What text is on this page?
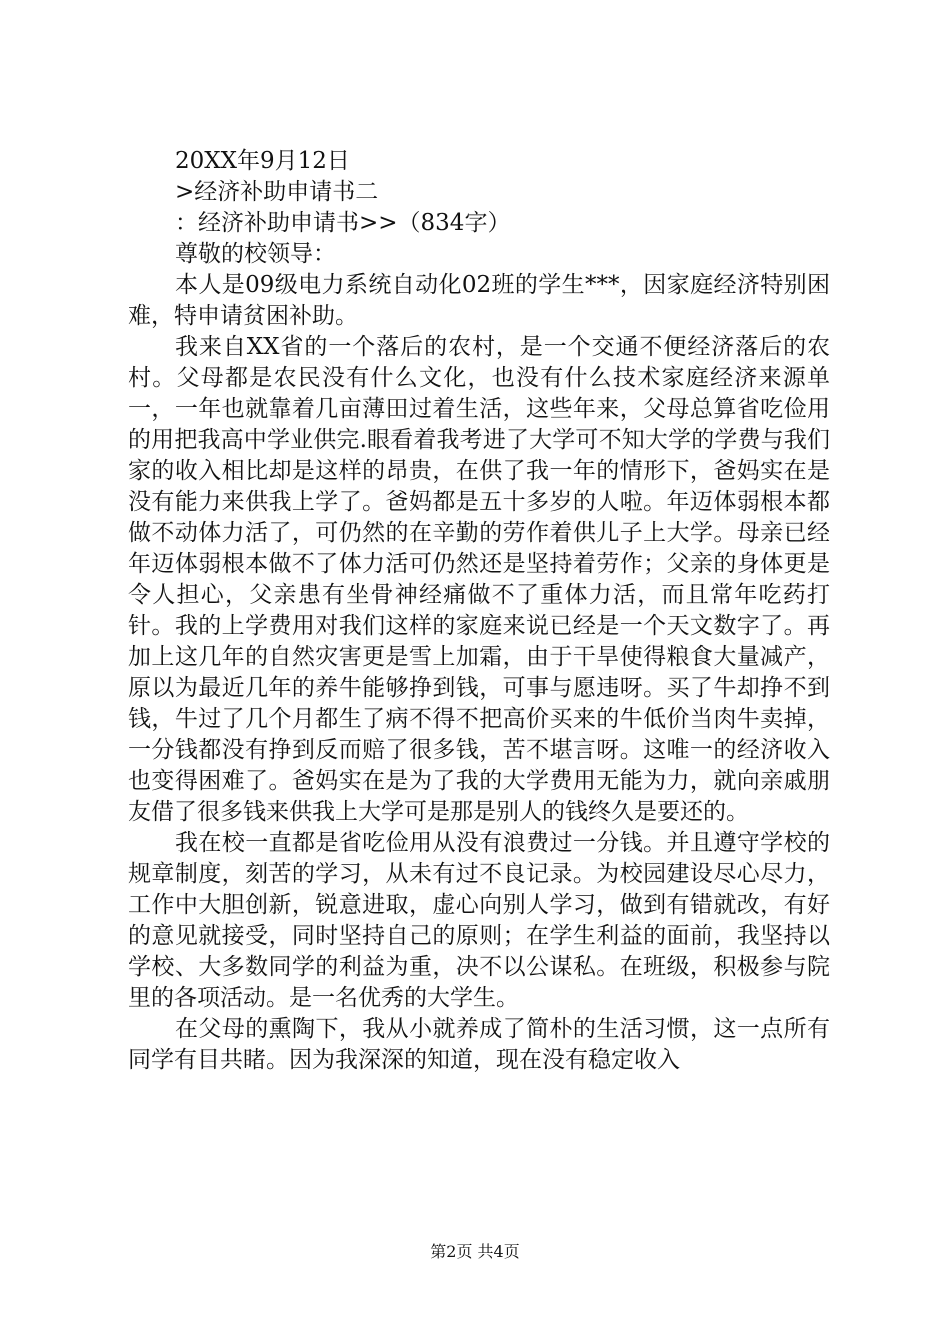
20XX年9月12日
>经济补助申请书二
：经济补助申请书>>（834字）
尊敬的校领导：

本人是09级电力系统自动化02班的学生***，因家庭经济特别困难，特申请贫困补助。

我来自XX省的一个落后的农村，是一个交通不便经济落后的农村。父母都是农民没有什么文化，也没有什么技术家庭经济来源单一，一年也就靠着几亩薄田过着生活，这些年来，父母总算省吃俭用的用把我高中学业供完.眼看着我考进了大学可不知大学的学费与我们家的收入相比却是这样的昂贵，在供了我一年的情形下，爸妈实在是没有能力来供我上学了。爸妈都是五十多岁的人啦。年迈体弱根本都做不动体力活了，可仍然的在辛勤的劳作着供儿子上大学。母亲已经年迈体弱根本做不了体力活可仍然还是坚持着劳作；父亲的身体更是令人担心，父亲患有坐骨神经痛做不了重体力活，而且常年吃药打针。我的上学费用对我们这样的家庭来说已经是一个天文数字了。再加上这几年的自然灾害更是雪上加霜，由于干旱使得粮食大量减产，原以为最近几年的养牛能够挣到钱，可事与愿违呀。买了牛却挣不到钱，牛过了几个月都生了病不得不把高价买来的牛低价当肉牛卖掉，一分钱都没有挣到反而赔了很多钱，苦不堪言呀。这唯一的经济收入也变得困难了。爸妈实在是为了我的大学费用无能为力，就向亲戚朋友借了很多钱来供我上大学可是那是别人的钱终久是要还的。

我在校一直都是省吃俭用从没有浪费过一分钱。并且遵守学校的规章制度，刻苦的学习，从未有过不良记录。为校园建设尽心尽力，工作中大胆创新，锐意进取，虚心向别人学习，做到有错就改，有好的意见就接受，同时坚持自己的原则；在学生利益的面前，我坚持以学校、大多数同学的利益为重，决不以公谋私。在班级，积极参与院里的各项活动。是一名优秀的大学生。

在父母的熏陶下，我从小就养成了简朴的生活习惯，这一点所有同学有目共睹。因为我深深的知道，现在没有稳定收入

第2页 共4页
